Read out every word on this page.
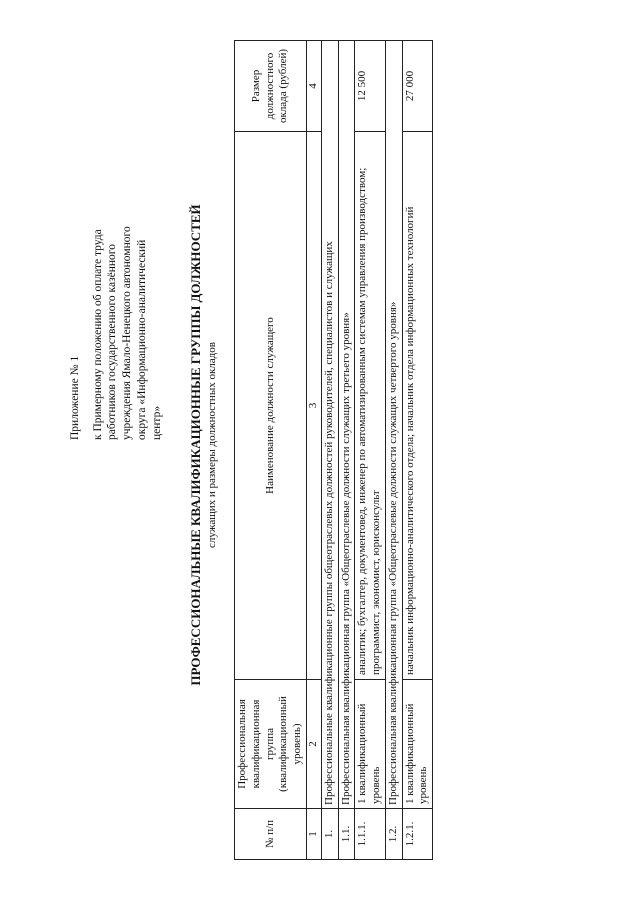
Приложение № 1 к Примерному положению об оплате труда работников государственного казённого учреждения Ямало-Ненецкого автономного округа «Информационно-аналитический центр» ПРОФЕССИОНАЛЬНЫЕ КВАЛИФИКАЦИОННЫЕ ГРУППЫ ДОЛЖНОСТЕЙ служащих и размеры должностных окладов
№ п/п	Профессиональная квалификационная группа (квалификационный уровень)	Наименование должности служащего	Размер должностного оклада (рублей)
1	2	3	4
1.	Профессиональные квалификационные группы общеотраслевых должностей руководителей, специалистов и служащих		
1.1.	Профессиональная квалификационная группа «Общеотраслевые должности служащих третьего уровня»		
1.1.1.	1 квалификационный уровень	аналитик; бухгалтер, документовед, инженер по автоматизированным системам управления производством; программист, экономист, юрисконсульт	12 500
1.2.	Профессиональная квалификационная группа «Общеотраслевые должности служащих четвертого уровня»		
1.2.1.	1 квалификационный уровень	начальник информационно-аналитического отдела; начальник отдела информационных технологий	27 000
